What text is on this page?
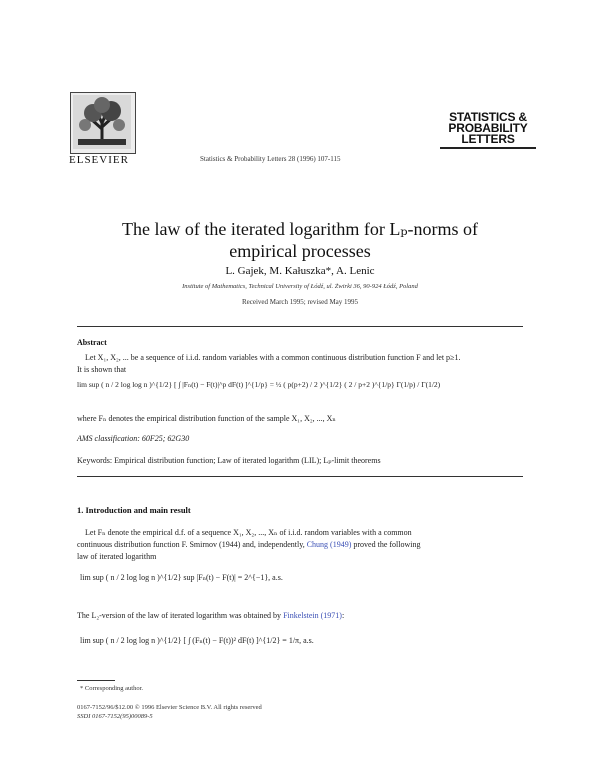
ELSEVIER	Statistics & Probability Letters 28 (1996) 107-115
STATISTICS &
PROBABILITY
LETTERS
The law of the iterated logarithm for Lₚ-norms of
empirical processes
L. Gajek, M. Kałuszka*, A. Lenic
Institute of Mathematics, Technical University of Łódź, ul. Żwirki 36, 90-924 Łódź, Poland
Received March 1995; revised May 1995
Abstract
Let X₁, X₂, ... be a sequence of i.i.d. random variables with a common continuous distribution function F and let p≥1.
It is shown that
lim sup ( n / 2 log log n )^{1/2} [ ∫ |Fₙ(t) − F(t)|^p dF(t) ]^{1/p} = ½ ( p(p+2) / 2 )^{1/2} ( 2 / p+2 )^{1/p} Γ(1/p) / Γ(1/2)
where Fₙ denotes the empirical distribution function of the sample X₁, X₂, ..., Xₙ
AMS classification: 60F25; 62G30
Keywords: Empirical distribution function; Law of iterated logarithm (LIL); Lₚ-limit theorems
1. Introduction and main result
Let Fₙ denote the empirical d.f. of a sequence X₁, X₂, ..., Xₙ of i.i.d. random variables with a common
continuous distribution function F. Smirnov (1944) and, independently, Chung (1949) proved the following
law of iterated logarithm
lim sup ( n / 2 log log n )^{1/2} sup |Fₙ(t) − F(t)| = 2^{−1}, a.s.
The L₂-version of the law of iterated logarithm was obtained by Finkelstein (1971):
lim sup ( n / 2 log log n )^{1/2} [ ∫ (Fₙ(t) − F(t))² dF(t) ]^{1/2} = 1/π, a.s.
* Corresponding author.
0167-7152/96/$12.00 © 1996 Elsevier Science B.V. All rights reserved
SSDI 0167-7152(95)00089-5
